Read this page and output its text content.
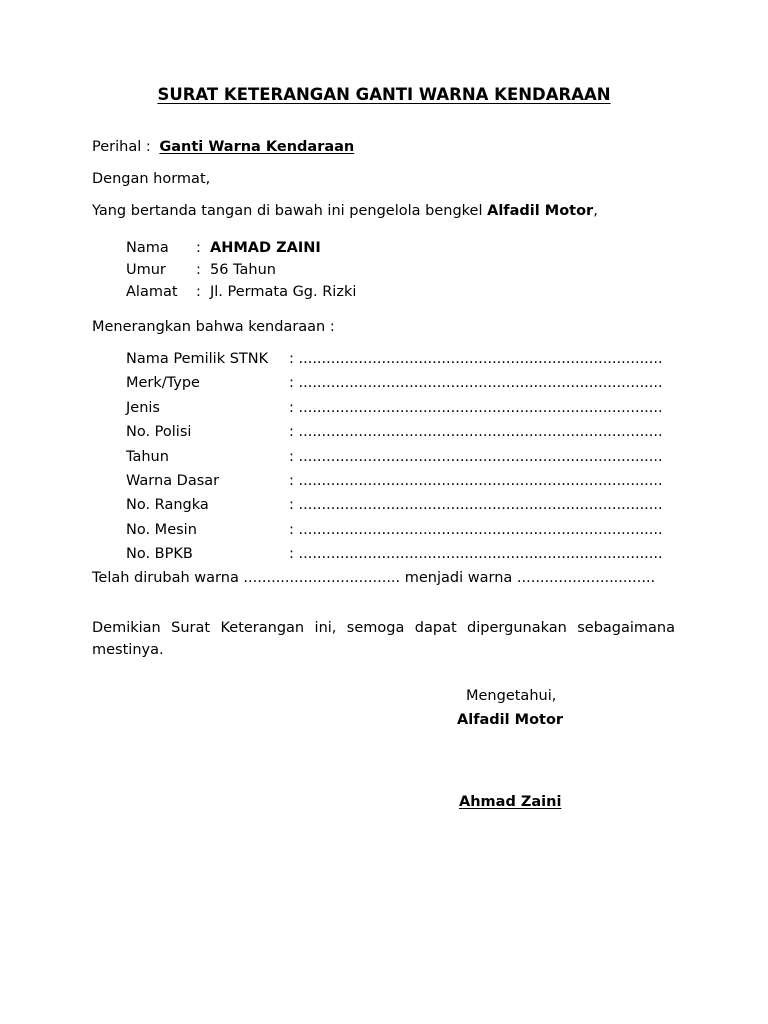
SURAT KETERANGAN GANTI WARNA KENDARAAN
Perihal : Ganti Warna Kendaraan
Dengan hormat,
Yang bertanda tangan di bawah ini pengelola bengkel Alfadil Motor,
Nama : AHMAD ZAINI
Umur : 56 Tahun
Alamat : Jl. Permata Gg. Rizki
Menerangkan bahwa kendaraan :
Nama Pemilik STNK : ...............................................................................
Merk/Type	: ...............................................................................
Jenis	: ...............................................................................
No. Polisi	: ...............................................................................
Tahun	: ...............................................................................
Warna Dasar	: ...............................................................................
No. Rangka	: ...............................................................................
No. Mesin	: ...............................................................................
No. BPKB	: ...............................................................................
Telah dirubah warna .................................. menjadi warna ..............................
Demikian Surat Keterangan ini, semoga dapat dipergunakan sebagaimana mestinya.
Mengetahui,
Alfadil Motor
Ahmad Zaini
